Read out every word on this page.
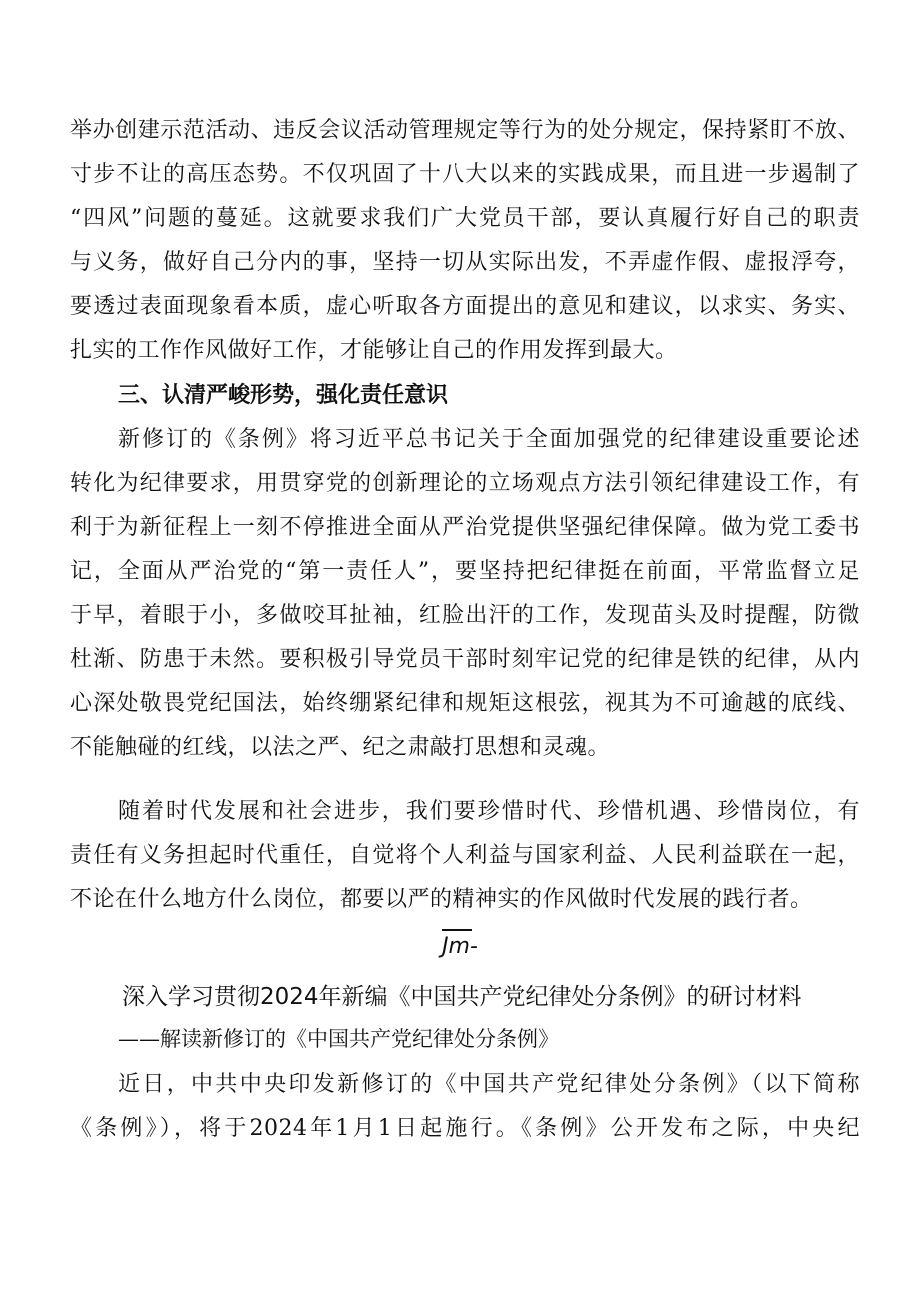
举办创建示范活动、违反会议活动管理规定等行为的处分规定，保持紧盯不放、
寸步不让的高压态势。不仅巩固了十八大以来的实践成果，而且进一步遏制了
“四风”问题的蔓延。这就要求我们广大党员干部，要认真履行好自己的职责
与义务，做好自己分内的事，坚持一切从实际出发，不弄虚作假、虚报浮夸，
要透过表面现象看本质，虚心听取各方面提出的意见和建议，以求实、务实、
扎实的工作作风做好工作，才能够让自己的作用发挥到最大。
三、认清严峻形势，强化责任意识
新修订的《条例》将习近平总书记关于全面加强党的纪律建设重要论述
转化为纪律要求，用贯穿党的创新理论的立场观点方法引领纪律建设工作，有
利于为新征程上一刻不停推进全面从严治党提供坚强纪律保障。做为党工委书
记，全面从严治党的“第一责任人”，要坚持把纪律挺在前面，平常监督立足
于早，着眼于小，多做咬耳扯袖，红脸出汗的工作，发现苗头及时提醒，防微
杜渐、防患于未然。要积极引导党员干部时刻牢记党的纪律是铁的纪律，从内
心深处敬畏党纪国法，始终绷紧纪律和规矩这根弦，视其为不可逾越的底线、
不能触碰的红线，以法之严、纪之肃敲打思想和灵魂。
随着时代发展和社会进步，我们要珍惜时代、珍惜机遇、珍惜岗位，有
责任有义务担起时代重任，自觉将个人利益与国家利益、人民利益联在一起，
不论在什么地方什么岗位，都要以严的精神实的作风做时代发展的践行者。
Jm-
深入学习贯彻2024年新编《中国共产党纪律处分条例》的研讨材料
——解读新修订的《中国共产党纪律处分条例》
近日，中共中央印发新修订的《中国共产党纪律处分条例》（以下简称
《条例》），将于2024年1月1日起施行。《条例》公开发布之际，中央纪
